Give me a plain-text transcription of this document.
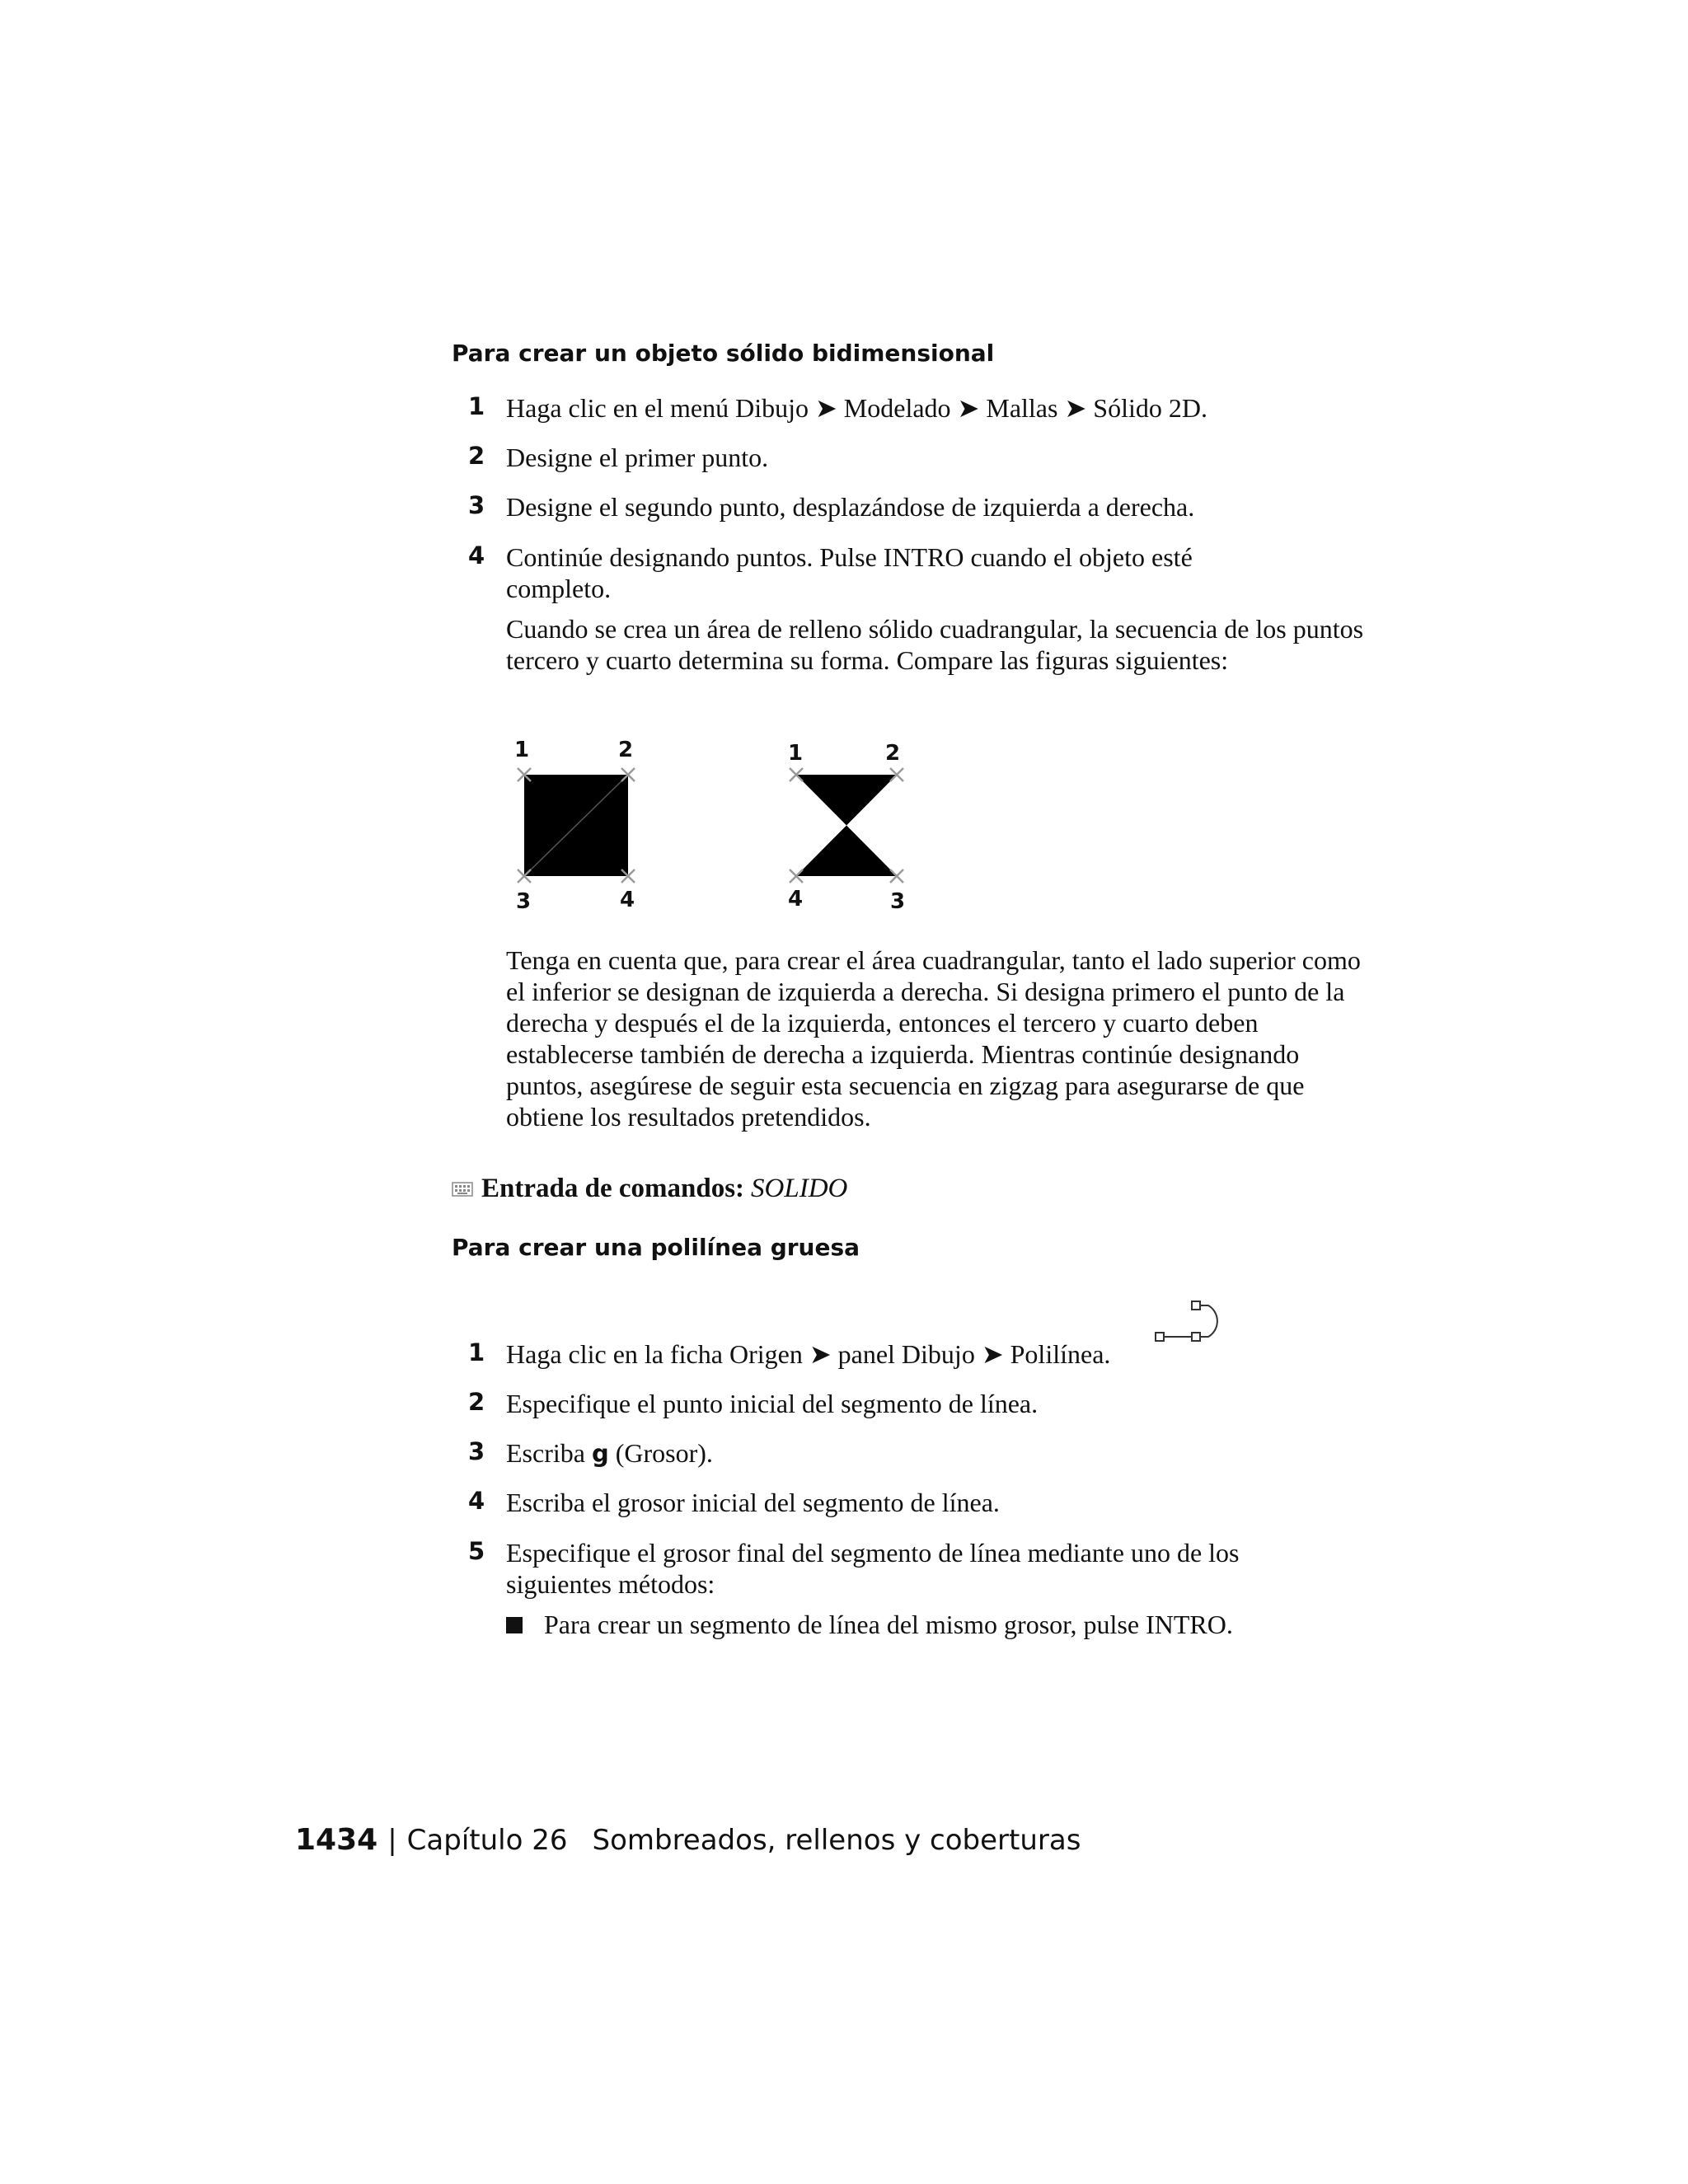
Para crear un objeto sólido bidimensional
1 Haga clic en el menú Dibujo ➤ Modelado ➤ Mallas ➤ Sólido 2D.
2 Designe el primer punto.
3 Designe el segundo punto, desplazándose de izquierda a derecha.
4 Continúe designando puntos. Pulse INTRO cuando el objeto esté completo.
Cuando se crea un área de relleno sólido cuadrangular, la secuencia de los puntos tercero y cuarto determina su forma. Compare las figuras siguientes:
1	2
3	4
1	2
4	3
Tenga en cuenta que, para crear el área cuadrangular, tanto el lado superior como el inferior se designan de izquierda a derecha. Si designa primero el punto de la derecha y después el de la izquierda, entonces el tercero y cuarto deben establecerse también de derecha a izquierda. Mientras continúe designando puntos, asegúrese de seguir esta secuencia en zigzag para asegurarse de que obtiene los resultados pretendidos.
Entrada de comandos: SOLIDO
Para crear una polilínea gruesa
1 Haga clic en la ficha Origen ➤ panel Dibujo ➤ Polilínea.
2 Especifique el punto inicial del segmento de línea.
3 Escriba g (Grosor).
4 Escriba el grosor inicial del segmento de línea.
5 Especifique el grosor final del segmento de línea mediante uno de los siguientes métodos:
Para crear un segmento de línea del mismo grosor, pulse INTRO.
1434 | Capítulo 26 Sombreados, rellenos y coberturas
